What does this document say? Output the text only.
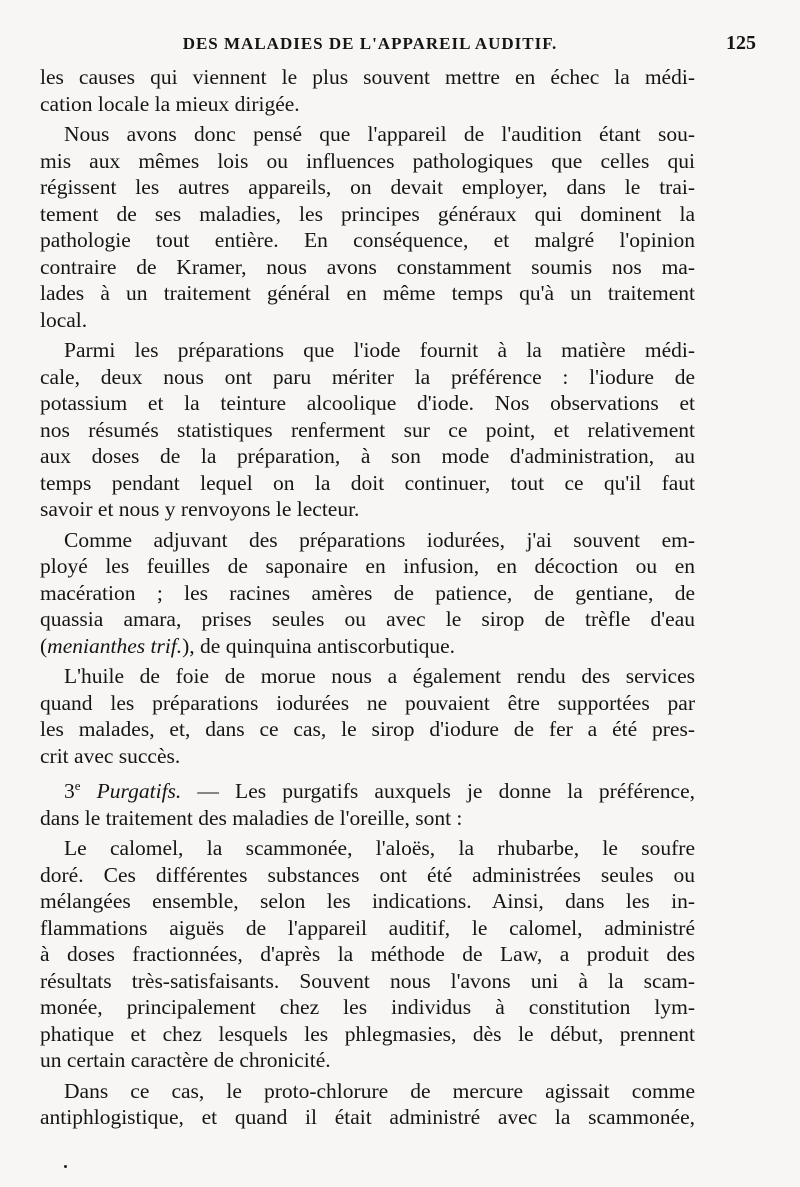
DES MALADIES DE L'APPAREIL AUDITIF.	125

les causes qui viennent le plus souvent mettre en échec la médi-
cation locale la mieux dirigée.

Nous avons donc pensé que l'appareil de l'audition étant sou-
mis aux mêmes lois ou influences pathologiques que celles qui
régissent les autres appareils, on devait employer, dans le trai-
tement de ses maladies, les principes généraux qui dominent la
pathologie tout entière. En conséquence, et malgré l'opinion
contraire de Kramer, nous avons constamment soumis nos ma-
lades à un traitement général en même temps qu'à un traitement
local.

Parmi les préparations que l'iode fournit à la matière médi-
cale, deux nous ont paru mériter la préférence : l'iodure de
potassium et la teinture alcoolique d'iode. Nos observations et
nos résumés statistiques renferment sur ce point, et relativement
aux doses de la préparation, à son mode d'administration, au
temps pendant lequel on la doit continuer, tout ce qu'il faut
savoir et nous y renvoyons le lecteur.

Comme adjuvant des préparations iodurées, j'ai souvent em-
ployé les feuilles de saponaire en infusion, en décoction ou en
macération ; les racines amères de patience, de gentiane, de
quassia amara, prises seules ou avec le sirop de trèfle d'eau
(menianthes trif.), de quinquina antiscorbutique.

L'huile de foie de morue nous a également rendu des services
quand les préparations iodurées ne pouvaient être supportées par
les malades, et, dans ce cas, le sirop d'iodure de fer a été pres-
crit avec succès.

3e Purgatifs. — Les purgatifs auxquels je donne la préférence,
dans le traitement des maladies de l'oreille, sont :

Le calomel, la scammonée, l'aloës, la rhubarbe, le soufre
doré. Ces différentes substances ont été administrées seules ou
mélangées ensemble, selon les indications. Ainsi, dans les in-
flammations aiguës de l'appareil auditif, le calomel, administré
à doses fractionnées, d'après la méthode de Law, a produit des
résultats très-satisfaisants. Souvent nous l'avons uni à la scam-
monée, principalement chez les individus à constitution lym-
phatique et chez lesquels les phlegmasies, dès le début, prennent
un certain caractère de chronicité.

Dans ce cas, le proto-chlorure de mercure agissait comme
antiphlogistique, et quand il était administré avec la scammonée,
